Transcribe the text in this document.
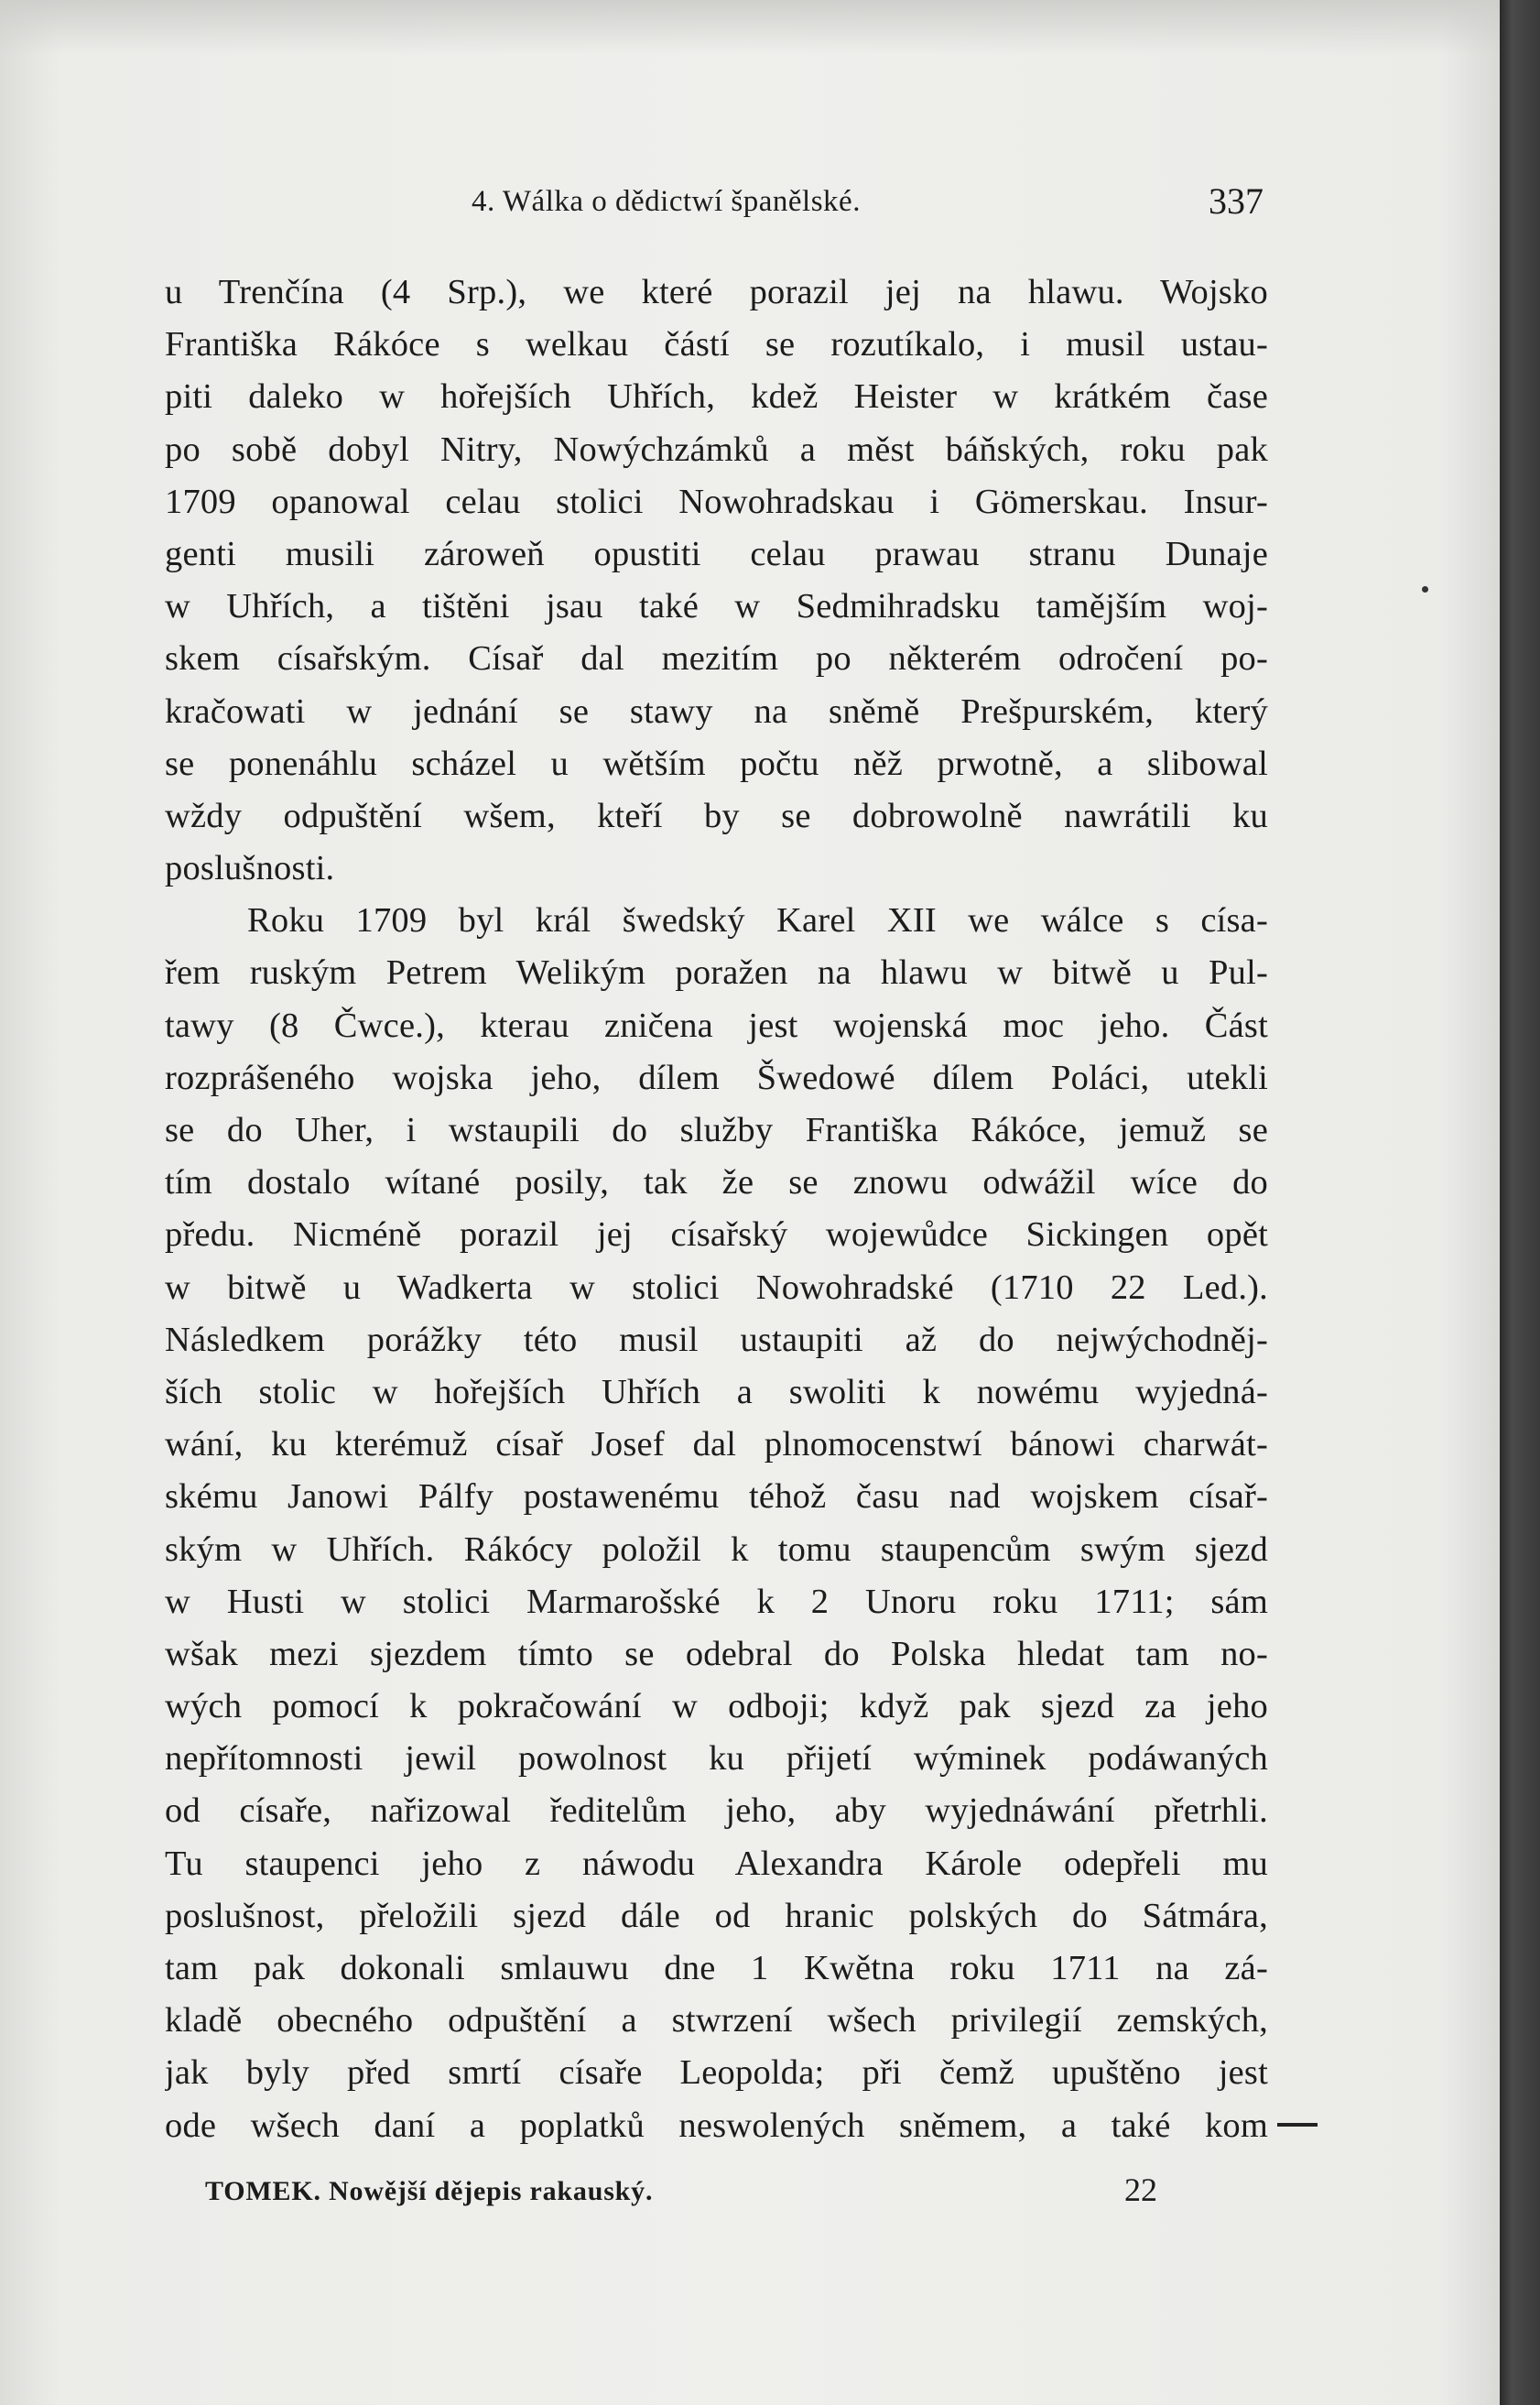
4. Wálka o dědictwí španělské.	337
u Trenčína (4 Srp.), we které porazil jej na hlawu. Wojsko
Františka Rákóce s welkau částí se rozutíkalo, i musil ustau-
piti daleko w hořejších Uhřích, kdež Heister w krátkém čase
po sobě dobyl Nitry, Nowýchzámků a měst báňských, roku pak
1709 opanowal celau stolici Nowohradskau i Gömerskau. Insur-
genti musili zároweň opustiti celau prawau stranu Dunaje
w Uhřích, a tištěni jsau také w Sedmihradsku tamějším woj-
skem císařským. Císař dal mezitím po některém odročení po-
kračowati w jednání se stawy na sněmě Prešpurském, který
se ponenáhlu scházel u wětším počtu něž prwotně, a slibowal
wždy odpuštění wšem, kteří by se dobrowolně nawrátili ku
poslušnosti.
Roku 1709 byl král šwedský Karel XII we wálce s císa-
řem ruským Petrem Welikým poražen na hlawu w bitwě u Pul-
tawy (8 Čwce.), kterau zničena jest wojenská moc jeho. Část
rozprášeného wojska jeho, dílem Šwedowé dílem Poláci, utekli
se do Uher, i wstaupili do služby Františka Rákóce, jemuž se
tím dostalo wítané posily, tak že se znowu odwážil wíce do
předu. Nicméně porazil jej císařský wojewůdce Sickingen opět
w bitwě u Wadkerta w stolici Nowohradské (1710 22 Led.).
Následkem porážky této musil ustaupiti až do nejwýchodněj-
ších stolic w hořejších Uhřích a swoliti k nowému wyjedná-
wání, ku kterémuž císař Josef dal plnomocenstwí bánowi charwát-
skému Janowi Pálfy postawenému téhož času nad wojskem císař-
ským w Uhřích. Rákócy položil k tomu staupencům swým sjezd
w Husti w stolici Marmarošské k 2 Unoru roku 1711; sám
wšak mezi sjezdem tímto se odebral do Polska hledat tam no-
wých pomocí k pokračowání w odboji; když pak sjezd za jeho
nepřítomnosti jewil powolnost ku přijetí wýminek podáwaných
od císaře, nařizowal ředitelům jeho, aby wyjednáwání přetrhli.
Tu staupenci jeho z náwodu Alexandra Károle odepřeli mu
poslušnost, přeložili sjezd dále od hranic polských do Sátmára,
tam pak dokonali smlauwu dne 1 Kwětna roku 1711 na zá-
kladě obecného odpuštění a stwrzení wšech privilegií zemských,
jak byly před smrtí císaře Leopolda; při čemž upuštěno jest
ode wšech daní a poplatků neswolených sněmem, a také kom
TOMEK. Nowější dějepis rakauský.	22
